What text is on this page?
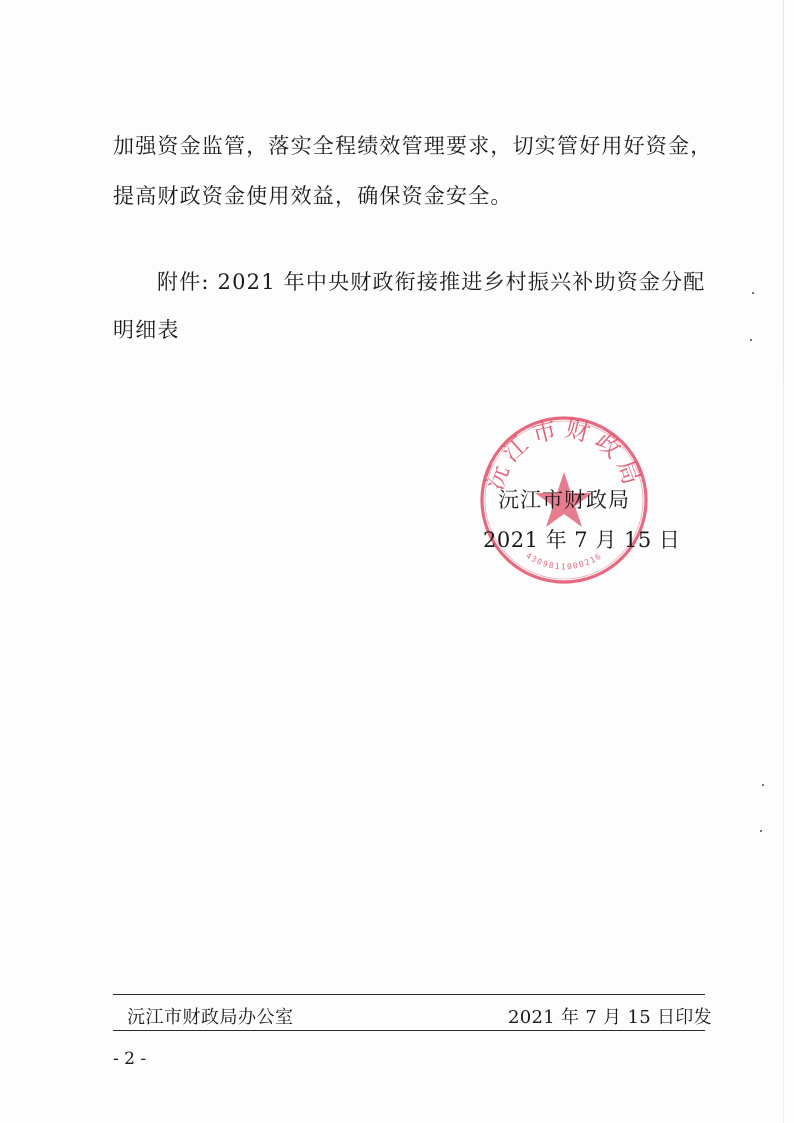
加强资金监管，落实全程绩效管理要求，切实管好用好资金，
提高财政资金使用效益，确保资金安全。
附件: 2021 年中央财政衔接推进乡村振兴补助资金分配
明细表
沅江市财政局
4309811000216
沅江市财政局
2021 年 7 月 15 日
沅江市财政局办公室	2021 年 7 月 15 日印发
- 2 -
